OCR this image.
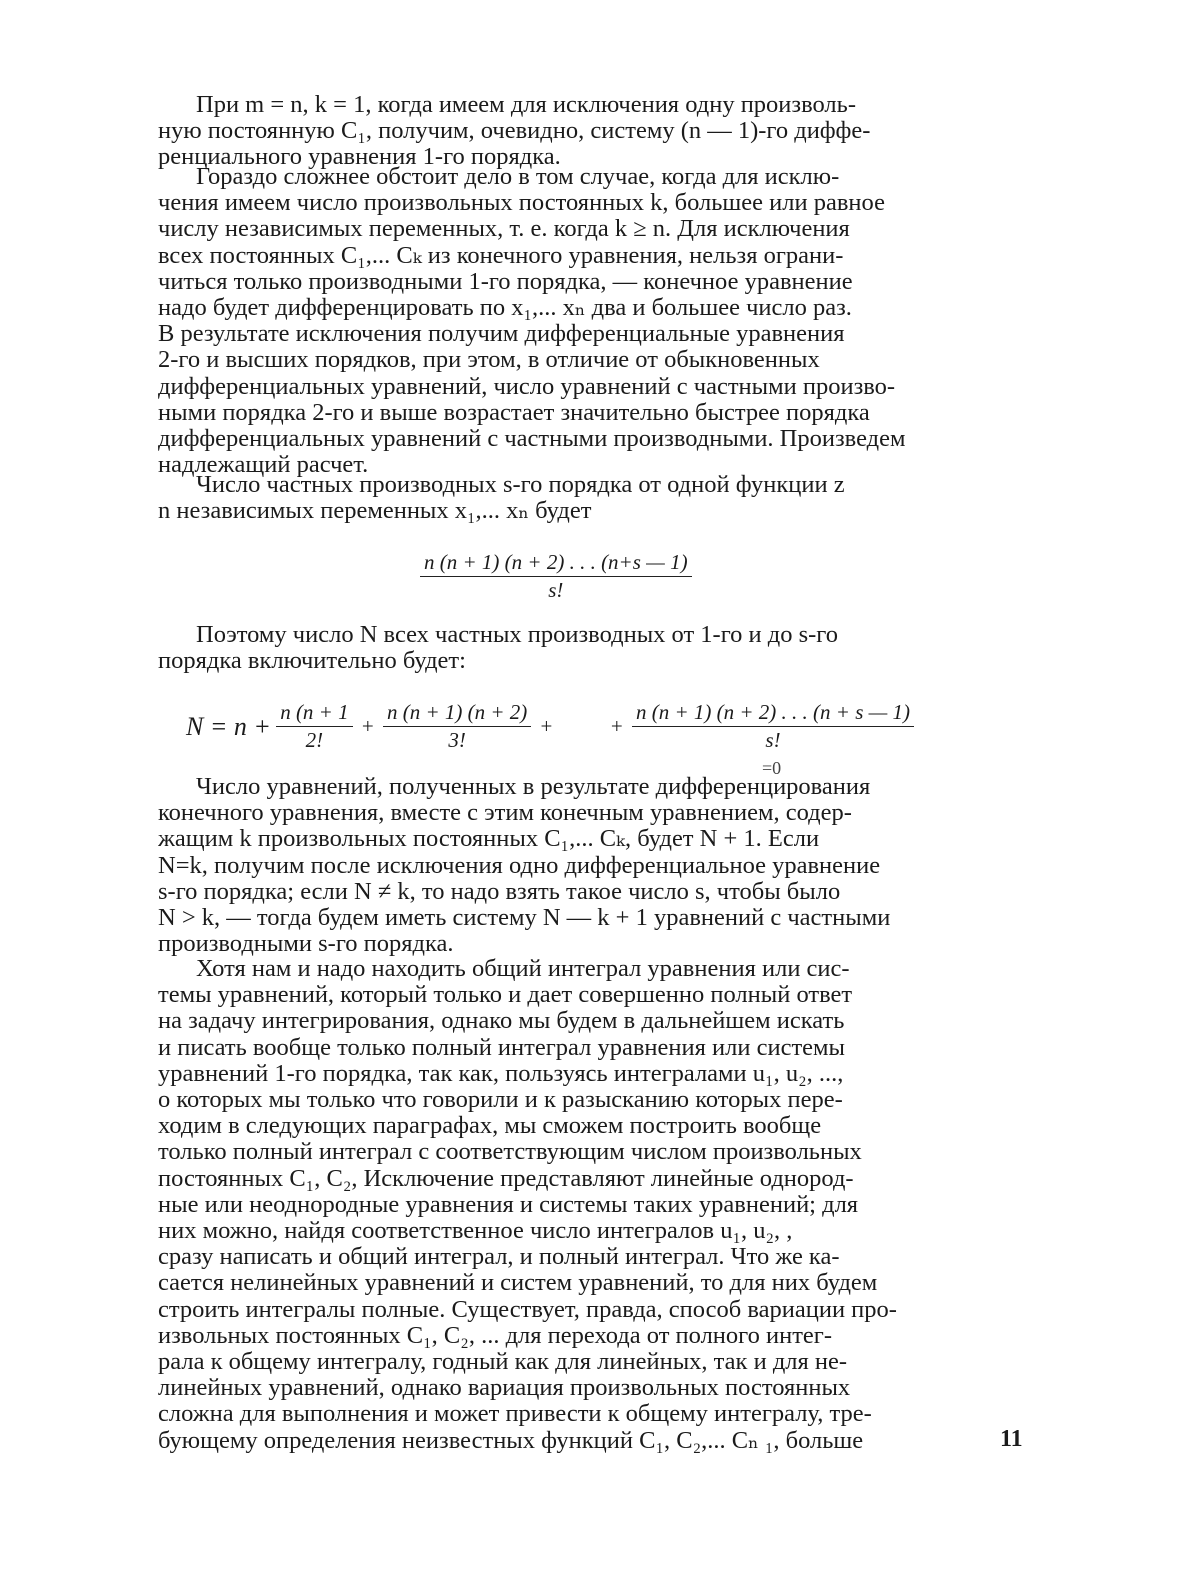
При m = n, k = 1, когда имеем для исключения одну произволь-
ную постоянную C₁, получим, очевидно, систему (n — 1)-го диффе-
ренциального уравнения 1-го порядка.
Гораздо сложнее обстоит дело в том случае, когда для исклю-
чения имеем число произвольных постоянных k, большее или равное
числу независимых переменных, т. е. когда k ≥ n. Для исключения
всех постоянных C₁,... Cₖ из конечного уравнения, нельзя ограни-
читься только производными 1-го порядка, — конечное уравнение
надо будет дифференцировать по x₁,... xₙ два и большее число раз.
В результате исключения получим дифференциальные уравнения
2-го и высших порядков, при этом, в отличие от обыкновенных
дифференциальных уравнений, число уравнений с частными произво-
ными порядка 2-го и выше возрастает значительно быстрее порядка
дифференциальных уравнений с частными производными. Произведем
надлежащий расчет.
Число частных производных s-го порядка от одной функции z
n независимых переменных x₁,... xₙ будет
$\frac{n (n + 1) (n + 2) . . . (n+s — 1)}{s!}$
Поэтому число N всех частных производных от 1-го и до s-го
порядка включительно будет:
$N = n + \frac{n (n + 1}{2!} + \frac{n (n + 1) (n + 2)}{3!}$ +	+ $\frac{n (n + 1) (n + 2) . . . (n + s — 1)}{s!}$
=0
Число уравнений, полученных в результате дифференцирования
конечного уравнения, вместе с этим конечным уравнением, содер-
жащим k произвольных постоянных C₁,... Cₖ, будет N + 1. Если
N=k, получим после исключения одно дифференциальное уравнение
s-го порядка; если N ≠ k, то надо взять такое число s, чтобы было
N > k, — тогда будем иметь систему N — k + 1 уравнений с частными
производными s-го порядка.
Хотя нам и надо находить общий интеграл уравнения или сис-
темы уравнений, который только и дает совершенно полный ответ
на задачу интегрирования, однако мы будем в дальнейшем искать
и писать вообще только полный интеграл уравнения или системы
уравнений 1-го порядка, так как, пользуясь интегралами u₁, u₂, ...,
о которых мы только что говорили и к разысканию которых пере-
ходим в следующих параграфах, мы сможем построить вообще
только полный интеграл с соответствующим числом произвольных
постоянных C₁, C₂, Исключение представляют линейные однород-
ные или неоднородные уравнения и системы таких уравнений; для
них можно, найдя соответственное число интегралов u₁, u₂, ,
сразу написать и общий интеграл, и полный интеграл. Что же ка-
сается нелинейных уравнений и систем уравнений, то для них будем
строить интегралы полные. Существует, правда, способ вариации про-
извольных постоянных C₁, C₂, ... для перехода от полного интег-
рала к общему интегралу, годный как для линейных, так и для не-
линейных уравнений, однако вариация произвольных постоянных
сложна для выполнения и может привести к общему интегралу, тре-
бующему определения неизвестных функций C₁, C₂,... Cₙ ₁, больше	11
